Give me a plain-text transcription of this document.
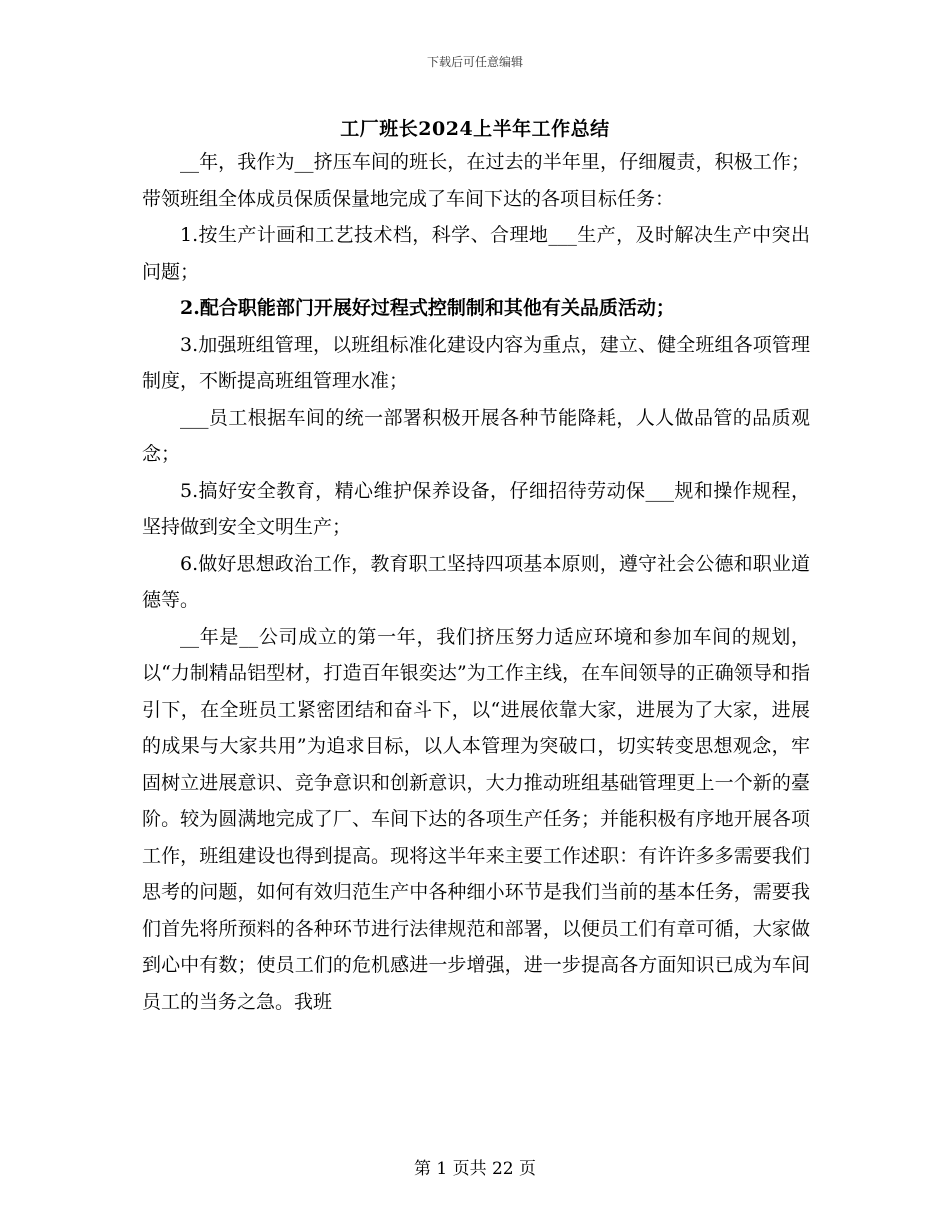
下载后可任意编辑
工厂班长2024上半年工作总结

__年，我作为__挤压车间的班长，在过去的半年里，仔细履责，积极工作；带领班组全体成员保质保量地完成了车间下达的各项目标任务：

1.按生产计画和工艺技术档，科学、合理地___生产，及时解决生产中突出问题；

2.配合职能部门开展好过程式控制制和其他有关品质活动；

3.加强班组管理，以班组标准化建设内容为重点，建立、健全班组各项管理制度，不断提高班组管理水准；

___员工根据车间的统一部署积极开展各种节能降耗，人人做品管的品质观念；

5.搞好安全教育，精心维护保养设备，仔细招待劳动保___规和操作规程，坚持做到安全文明生产；

6.做好思想政治工作，教育职工坚持四项基本原则，遵守社会公德和职业道德等。

__年是__公司成立的第一年，我们挤压努力适应环境和参加车间的规划，以“力制精品铝型材，打造百年银奕达”为工作主线，在车间领导的正确领导和指引下，在全班员工紧密团结和奋斗下，以“进展依靠大家，进展为了大家，进展的成果与大家共用”为追求目标，以人本管理为突破口，切实转变思想观念，牢固树立进展意识、竞争意识和创新意识，大力推动班组基础管理更上一个新的臺阶。较为圆满地完成了厂、车间下达的各项生产任务；并能积极有序地开展各项工作，班组建设也得到提高。现将这半年来主要工作述职：有许许多多需要我们思考的问题，如何有效归范生产中各种细小环节是我们当前的基本任务，需要我们首先将所预料的各种环节进行法律规范和部署，以便员工们有章可循，大家做到心中有数；使员工们的危机感进一步增强，进一步提高各方面知识已成为车间员工的当务之急。我班

第 1 页共 22 页
